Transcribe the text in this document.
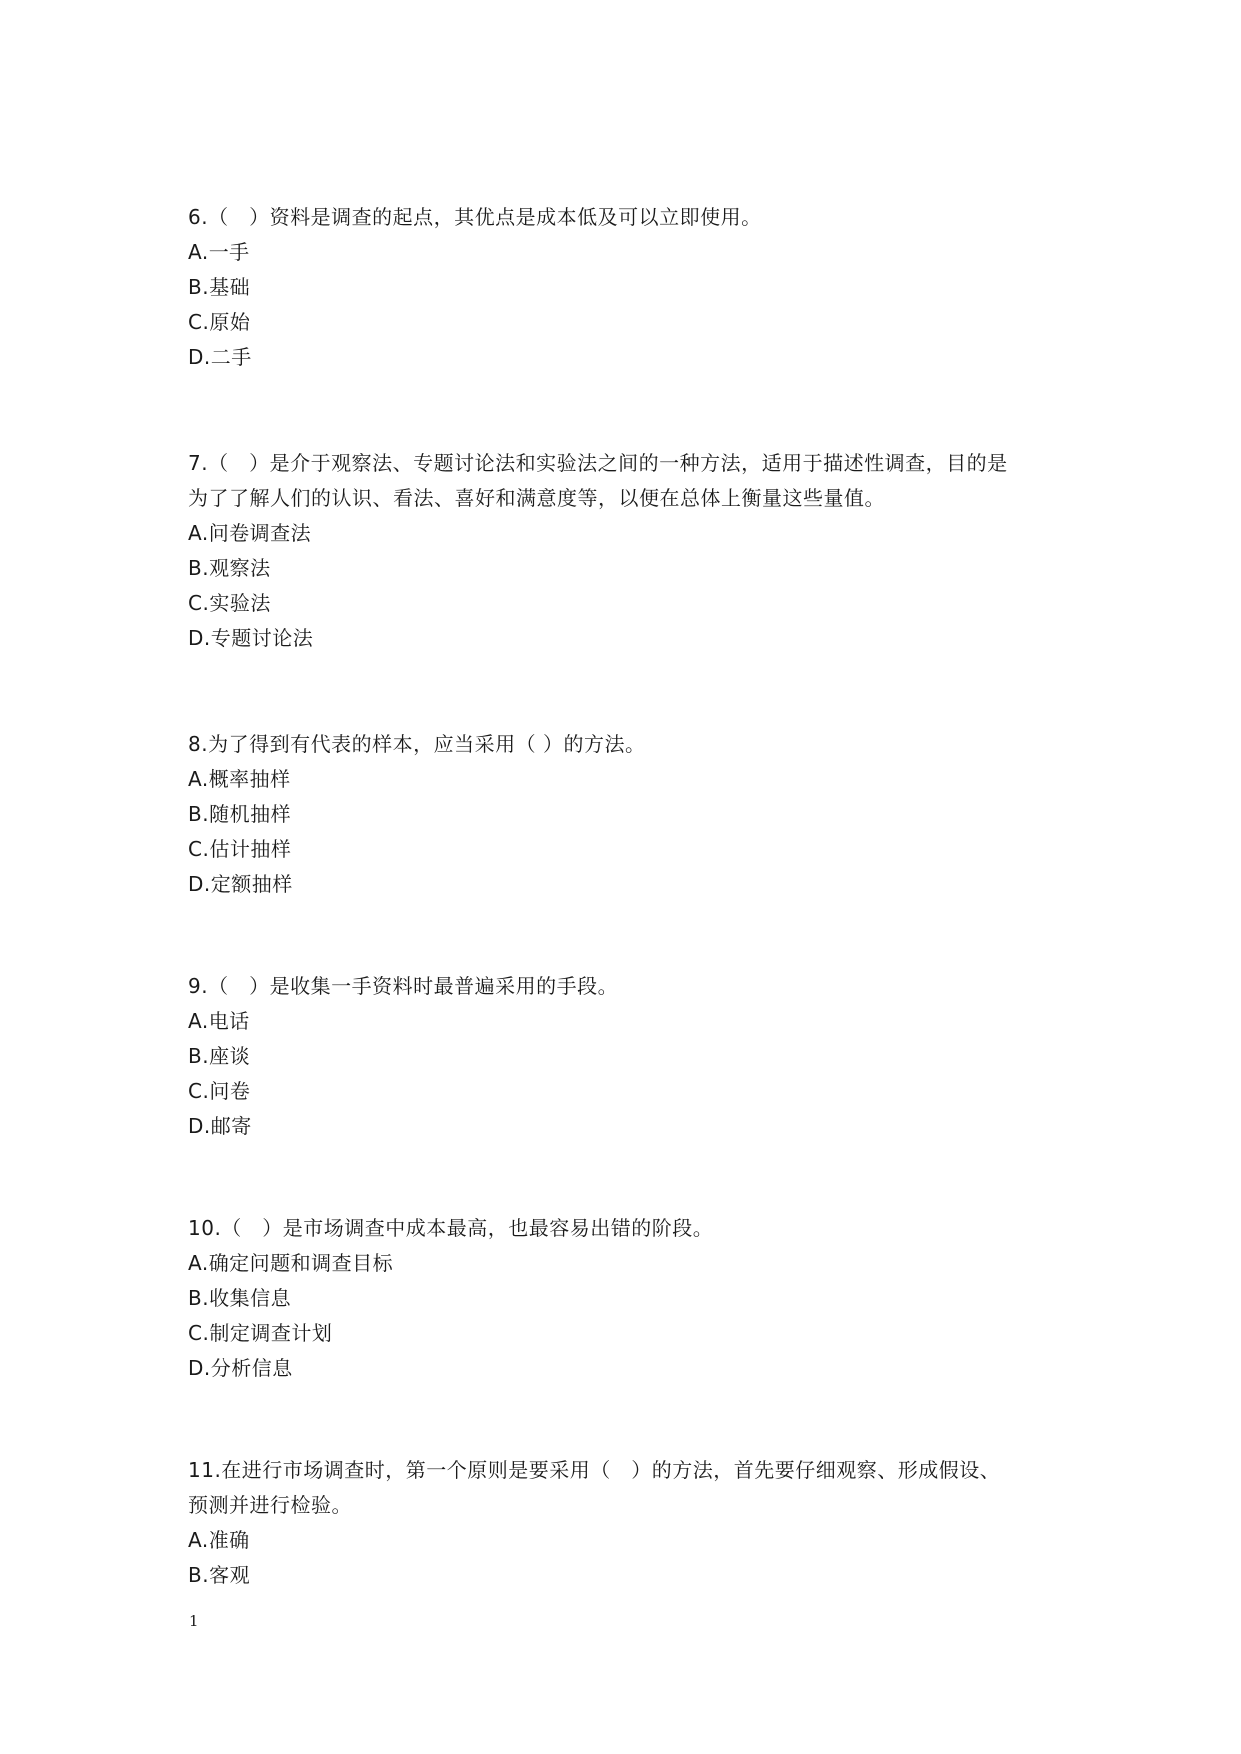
6.（　）资料是调查的起点，其优点是成本低及可以立即使用。

A.一手

B.基础

C.原始

D.二手

7.（　）是介于观察法、专题讨论法和实验法之间的一种方法，适用于描述性调查，目的是

为了了解人们的认识、看法、喜好和满意度等，以便在总体上衡量这些量值。

A.问卷调查法

B.观察法

C.实验法

D.专题讨论法

8.为了得到有代表的样本，应当采用（ ）的方法。

A.概率抽样

B.随机抽样

C.估计抽样

D.定额抽样

9.（　）是收集一手资料时最普遍采用的手段。

A.电话

B.座谈

C.问卷

D.邮寄

10.（　）是市场调查中成本最高，也最容易出错的阶段。

A.确定问题和调查目标

B.收集信息

C.制定调查计划

D.分析信息

11.在进行市场调查时，第一个原则是要采用（　）的方法，首先要仔细观察、形成假设、

预测并进行检验。

A.准确

B.客观

1
